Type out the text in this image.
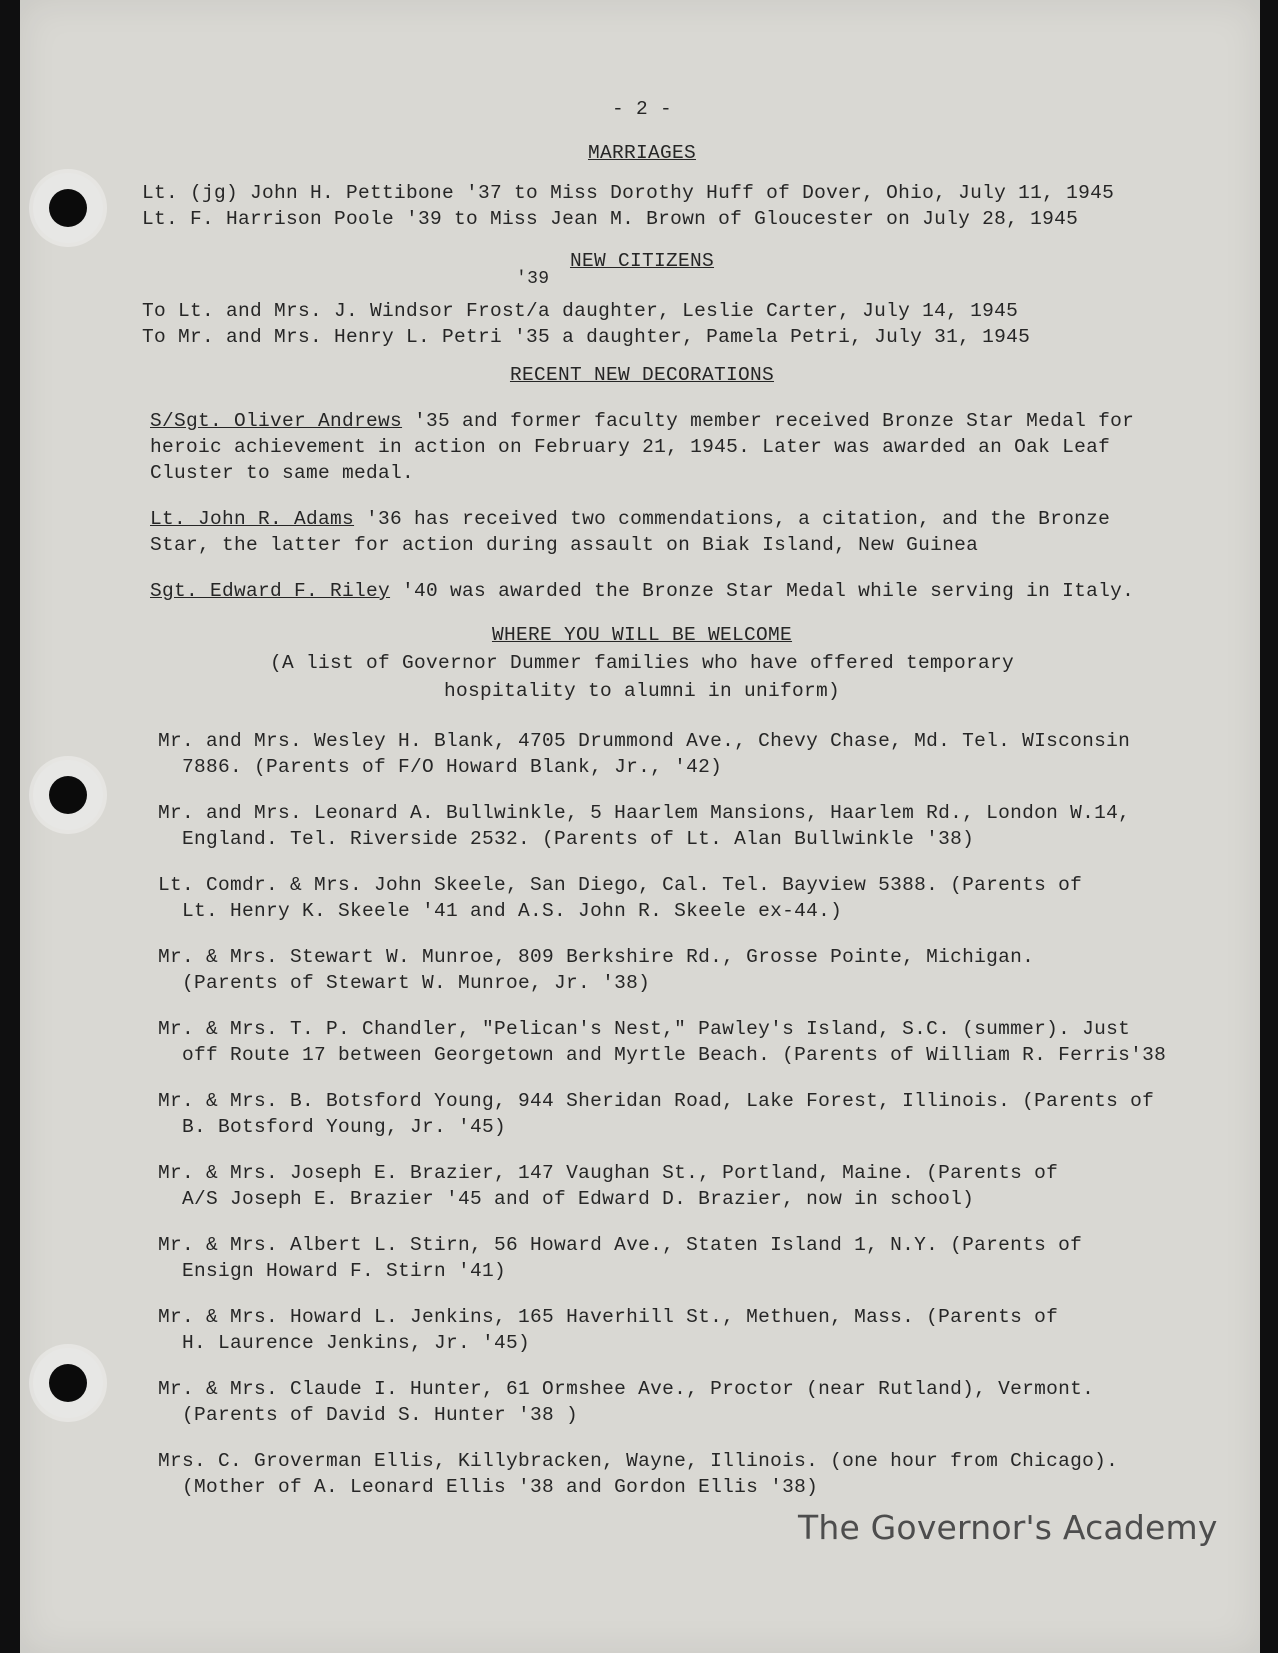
- 2 -
MARRIAGES
Lt. (jg) John H. Pettibone '37 to Miss Dorothy Huff of Dover, Ohio, July 11, 1945
Lt. F. Harrison Poole '39 to Miss Jean M. Brown of Gloucester on July 28, 1945
NEW CITIZENS
'39
To Lt. and Mrs. J. Windsor Frost/a daughter, Leslie Carter, July 14, 1945
To Mr. and Mrs. Henry L. Petri '35 a daughter, Pamela Petri, July 31, 1945
RECENT NEW DECORATIONS
S/Sgt. Oliver Andrews '35 and former faculty member received Bronze Star Medal for
heroic achievement in action on February 21, 1945. Later was awarded an Oak Leaf
Cluster to same medal.
Lt. John R. Adams '36 has received two commendations, a citation, and the Bronze
Star, the latter for action during assault on Biak Island, New Guinea
Sgt. Edward F. Riley '40 was awarded the Bronze Star Medal while serving in Italy.
WHERE YOU WILL BE WELCOME
(A list of Governor Dummer families who have offered temporary
hospitality to alumni in uniform)
Mr. and Mrs. Wesley H. Blank, 4705 Drummond Ave., Chevy Chase, Md. Tel. WIsconsin
7886. (Parents of F/O Howard Blank, Jr., '42)
Mr. and Mrs. Leonard A. Bullwinkle, 5 Haarlem Mansions, Haarlem Rd., London W.14,
England. Tel. Riverside 2532. (Parents of Lt. Alan Bullwinkle '38)
Lt. Comdr. & Mrs. John Skeele, San Diego, Cal. Tel. Bayview 5388. (Parents of
Lt. Henry K. Skeele '41 and A.S. John R. Skeele ex-44.)
Mr. & Mrs. Stewart W. Munroe, 809 Berkshire Rd., Grosse Pointe, Michigan.
(Parents of Stewart W. Munroe, Jr. '38)
Mr. & Mrs. T. P. Chandler, "Pelican's Nest," Pawley's Island, S.C. (summer). Just
off Route 17 between Georgetown and Myrtle Beach. (Parents of William R. Ferris'38
Mr. & Mrs. B. Botsford Young, 944 Sheridan Road, Lake Forest, Illinois. (Parents of
B. Botsford Young, Jr. '45)
Mr. & Mrs. Joseph E. Brazier, 147 Vaughan St., Portland, Maine. (Parents of
A/S Joseph E. Brazier '45 and of Edward D. Brazier, now in school)
Mr. & Mrs. Albert L. Stirn, 56 Howard Ave., Staten Island 1, N.Y. (Parents of
Ensign Howard F. Stirn '41)
Mr. & Mrs. Howard L. Jenkins, 165 Haverhill St., Methuen, Mass. (Parents of
H. Laurence Jenkins, Jr. '45)
Mr. & Mrs. Claude I. Hunter, 61 Ormshee Ave., Proctor (near Rutland), Vermont.
(Parents of David S. Hunter '38 )
Mrs. C. Groverman Ellis, Killybracken, Wayne, Illinois. (one hour from Chicago).
(Mother of A. Leonard Ellis '38 and Gordon Ellis '38)
The Governor's Academy
